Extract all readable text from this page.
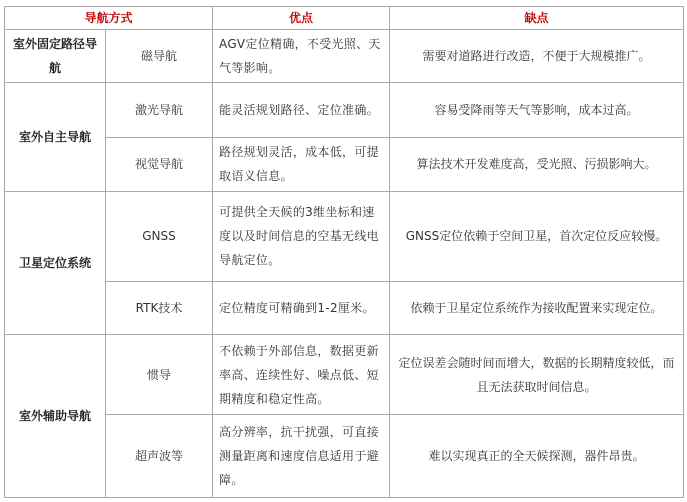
导航方式		优点	缺点
室外固定路径导航	磁导航	AGV定位精确，不受光照、天气等影响。	需要对道路进行改造，不便于大规模推广。
室外自主导航	激光导航	能灵活规划路径、定位准确。	容易受降雨等天气等影响，成本过高。
	视觉导航	路径规划灵活，成本低，可提取语义信息。	算法技术开发难度高，受光照、污损影响大。
卫星定位系统	GNSS	可提供全天候的3维坐标和速度以及时间信息的空基无线电导航定位。	GNSS定位依赖于空间卫星，首次定位反应较慢。
	RTK技术	定位精度可精确到1-2厘米。	依赖于卫星定位系统作为接收配置来实现定位。
室外辅助导航	惯导	不依赖于外部信息，数据更新率高、连续性好、噪点低、短期精度和稳定性高。	定位误差会随时间而增大，数据的长期精度较低，而且无法获取时间信息。
	超声波等	高分辨率，抗干扰强，可直接测量距离和速度信息适用于避障。	难以实现真正的全天候探测，器件昂贵。
